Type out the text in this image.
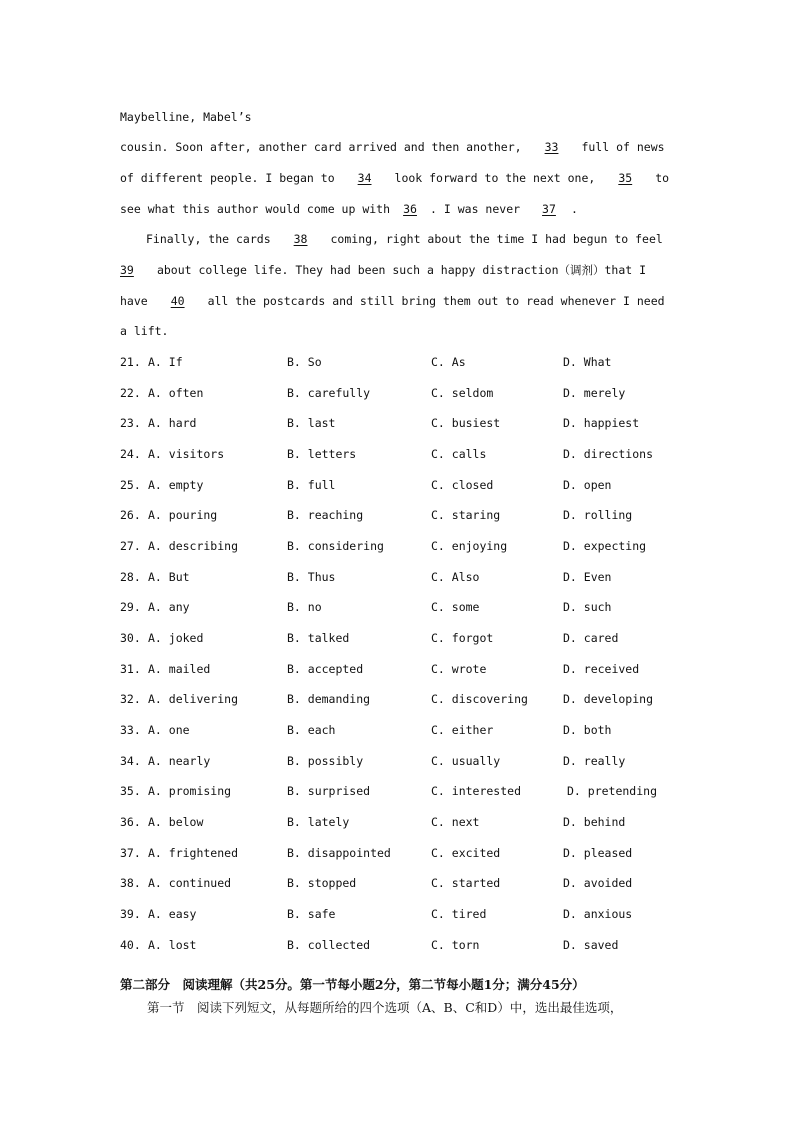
Maybelline, Mabel’s
cousin. Soon after, another card arrived and then another, 33 full of news
of different people. I began to 34 look forward to the next one, 35 to
see what this author would come up with 36 . I was never 37 .
Finally, the cards 38 coming, right about the time I had begun to feel
39 about college life. They had been such a happy distraction（调剂）that I
have 40 all the postcards and still bring them out to read whenever I need
a lift.
21. A. If	B. So	C. As	D. What
22. A. often	B. carefully	C. seldom	D. merely
23. A. hard	B. last	C. busiest	D. happiest
24. A. visitors	B. letters	C. calls	D. directions
25. A. empty	B. full	C. closed	D. open
26. A. pouring	B. reaching	C. staring	D. rolling
27. A. describing	B. considering	C. enjoying	D. expecting
28. A. But	B. Thus	C. Also	D. Even
29. A. any	B. no	C. some	D. such
30. A. joked	B. talked	C. forgot	D. cared
31. A. mailed	B. accepted	C. wrote	D. received
32. A. delivering	B. demanding	C. discovering	D. developing
33. A. one	B. each	C. either	D. both
34. A. nearly	B. possibly	C. usually	D. really
35. A. promising	B. surprised	C. interested	D. pretending
36. A. below	B. lately	C. next	D. behind
37. A. frightened	B. disappointed	C. excited	D. pleased
38. A. continued	B. stopped	C. started	D. avoided
39. A. easy	B. safe	C. tired	D. anxious
40. A. lost	B. collected	C. torn	D. saved
第二部分　阅读理解（共25分。第一节每小题2分，第二节每小题1分；满分45分）
第一节　 阅读下列短文，从每题所给的四个选项（A、B、C和D）中，选出最佳选项，
